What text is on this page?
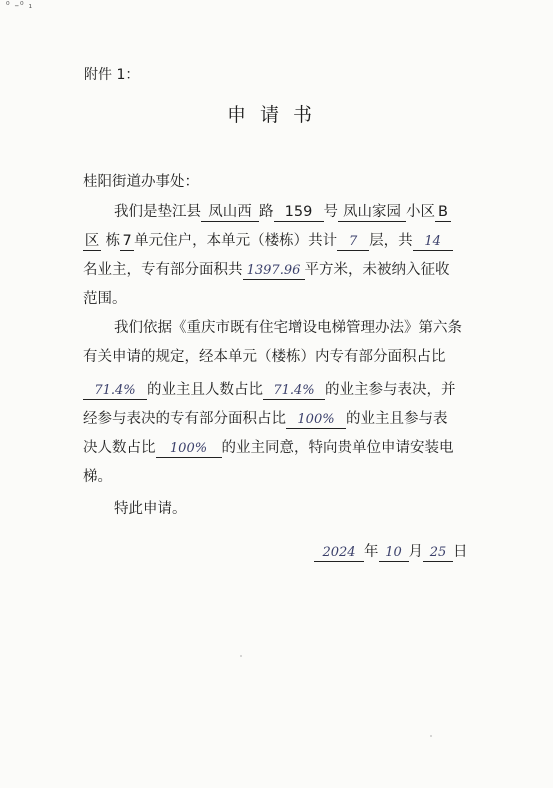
⁰ –⁰ ₁
附件 1：
申请书
桂阳街道办事处：
我们是垫江县 凤山西 路 159 号 凤山家园 小区 B
区 栋 7 单元住户，本单元（楼栋）共计 7 层，共 14
名业主，专有部分面积共 1397.96 平方米，未被纳入征收
范围。
我们依据《重庆市既有住宅增设电梯管理办法》第六条
有关申请的规定，经本单元（楼栋）内专有部分面积占比
71.4% 的业主且人数占比 71.4% 的业主参与表决，并
经参与表决的专有部分面积占比 100% 的业主且参与表
决人数占比 100% 的业主同意，特向贵单位申请安装电
梯。
特此申请。
2024 年 10 月 25 日
